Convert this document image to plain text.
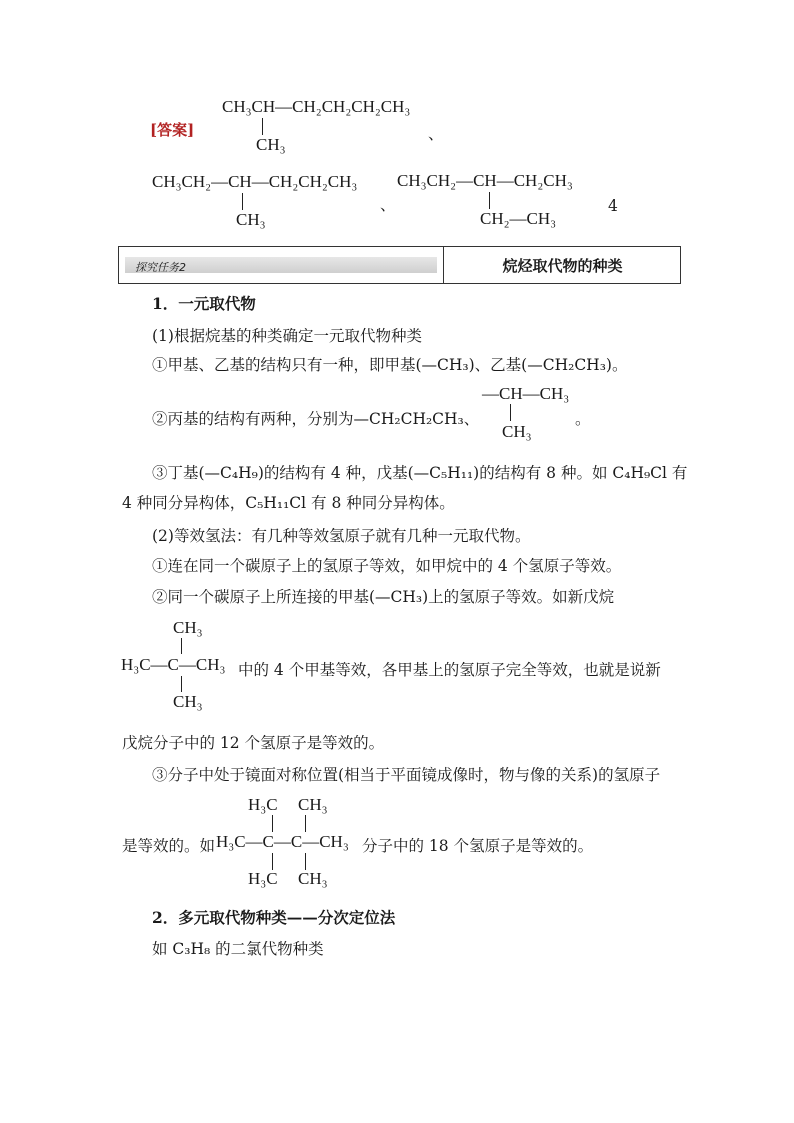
[答案]
CH₃CH—CH₂CH₂CH₂CH₃
CH₃
、
CH₃CH₂—CH—CH₂CH₂CH₃
CH₃
、
CH₃CH₂—CH—CH₂CH₃
CH₂—CH₃
4
探究任务2	烷烃取代物的种类
1．一元取代物
(1)根据烷基的种类确定一元取代物种类
①甲基、乙基的结构只有一种，即甲基(—CH₃)、乙基(—CH₂CH₃)。
②丙基的结构有两种，分别为—CH₂CH₂CH₃、
—CH—CH₃
CH₃
。
③丁基(—C₄H₉)的结构有 4 种，戊基(—C₅H₁₁)的结构有 8 种。如 C₄H₉Cl 有
4 种同分异构体，C₅H₁₁Cl 有 8 种同分异构体。
(2)等效氢法：有几种等效氢原子就有几种一元取代物。
①连在同一个碳原子上的氢原子等效，如甲烷中的 4 个氢原子等效。
②同一个碳原子上所连接的甲基(—CH₃)上的氢原子等效。如新戊烷
CH₃
H₃C—C—CH₃
CH₃
中的 4 个甲基等效，各甲基上的氢原子完全等效，也就是说新
戊烷分子中的 12 个氢原子是等效的。
③分子中处于镜面对称位置(相当于平面镜成像时，物与像的关系)的氢原子
H₃C CH₃
是等效的。如 H₃C—C—C—CH₃ 分子中的 18 个氢原子是等效的。
H₃C CH₃
2．多元取代物种类——分次定位法
如 C₃H₈ 的二氯代物种类
